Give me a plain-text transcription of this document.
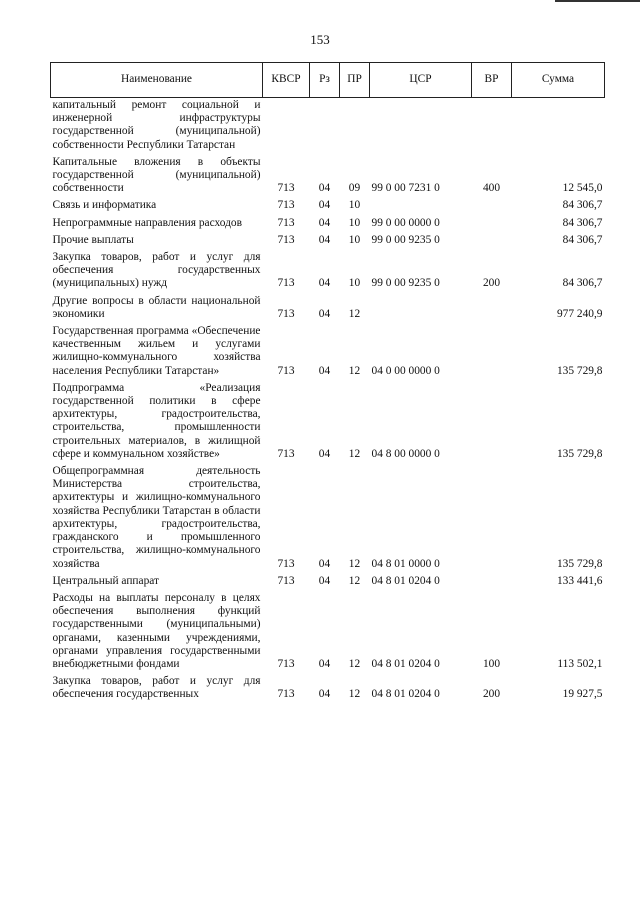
153
Наименование	КВСР	Рз	ПР	ЦСР	ВР	Сумма
капитальный ремонт социальной и инженерной инфраструктуры государственной (муниципальной) собственности Республики Татарстан						
Капитальные вложения в объекты государственной (муниципальной) собственности	713	04	09	99 0 00 7231 0	400	12 545,0
Связь и информатика	713	04	10			84 306,7
Непрограммные направления расходов	713	04	10	99 0 00 0000 0		84 306,7
Прочие выплаты	713	04	10	99 0 00 9235 0		84 306,7
Закупка товаров, работ и услуг для обеспечения государственных (муниципальных) нужд	713	04	10	99 0 00 9235 0	200	84 306,7
Другие вопросы в области национальной экономики	713	04	12			977 240,9
Государственная программа «Обеспечение качественным жильем и услугами жилищно-коммунального хозяйства населения Республики Татарстан»	713	04	12	04 0 00 0000 0		135 729,8
Подпрограмма «Реализация государственной политики в сфере архитектуры, градостроительства, строительства, промышленности строительных материалов, в жилищной сфере и коммунальном хозяйстве»	713	04	12	04 8 00 0000 0		135 729,8
Общепрограммная деятельность Министерства строительства, архитектуры и жилищно-коммунального хозяйства Республики Татарстан в области архитектуры, градостроительства, гражданского и промышленного строительства, жилищно-коммунального хозяйства	713	04	12	04 8 01 0000 0		135 729,8
Центральный аппарат	713	04	12	04 8 01 0204 0		133 441,6
Расходы на выплаты персоналу в целях обеспечения выполнения функций государственными (муниципальными) органами, казенными учреждениями, органами управления государственными внебюджетными фондами	713	04	12	04 8 01 0204 0	100	113 502,1
Закупка товаров, работ и услуг для обеспечения государственных	713	04	12	04 8 01 0204 0	200	19 927,5
